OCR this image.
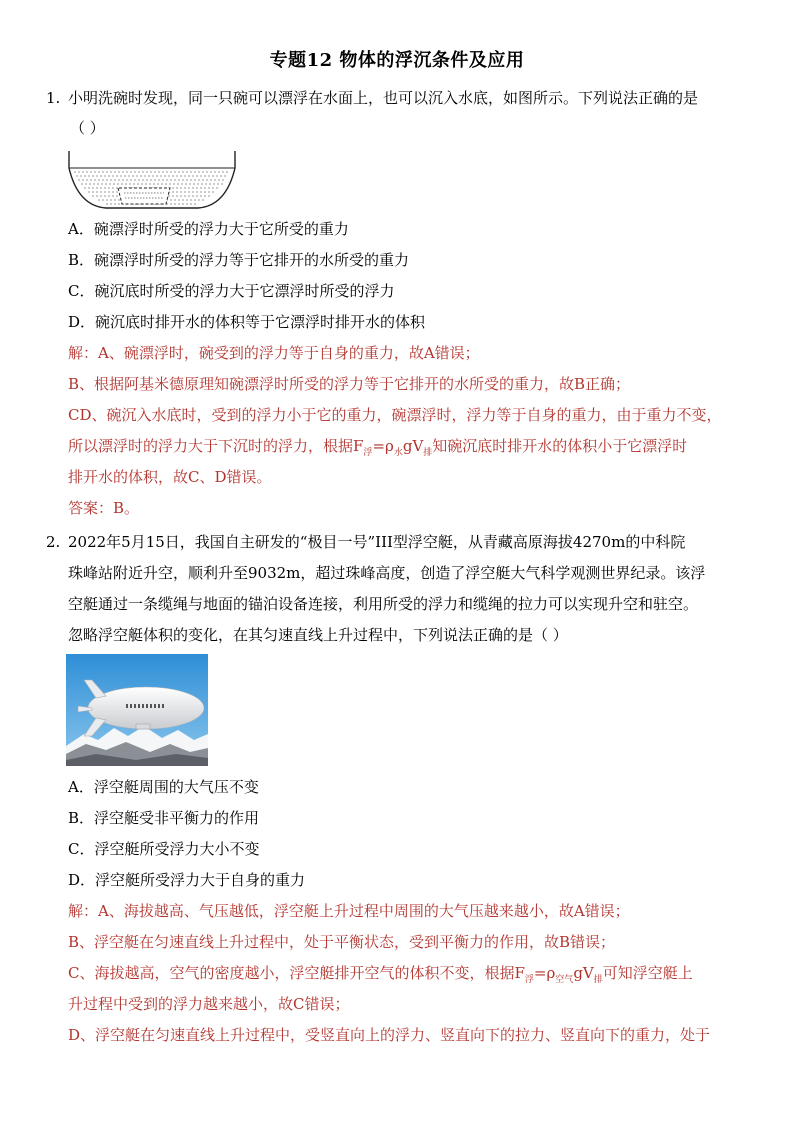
专题12 物体的浮沉条件及应用
1. 小明洗碗时发现，同一只碗可以漂浮在水面上，也可以沉入水底，如图所示。下列说法正确的是
（ ）
A．碗漂浮时所受的浮力大于它所受的重力
B．碗漂浮时所受的浮力等于它排开的水所受的重力
C．碗沉底时所受的浮力大于它漂浮时所受的浮力
D．碗沉底时排开水的体积等于它漂浮时排开水的体积
解：A、碗漂浮时，碗受到的浮力等于自身的重力，故A错误；
B、根据阿基米德原理知碗漂浮时所受的浮力等于它排开的水所受的重力，故B正确；
CD、碗沉入水底时，受到的浮力小于它的重力，碗漂浮时，浮力等于自身的重力，由于重力不变，
所以漂浮时的浮力大于下沉时的浮力，根据$F_浮=\rho_水gV_排$知碗沉底时排开水的体积小于它漂浮时
排开水的体积，故C、D错误。
答案：B。
2. 2022年5月15日，我国自主研发的“极目一号”III型浮空艇，从青藏高原海拔4270m的中科院
珠峰站附近升空，顺利升至9032m，超过珠峰高度，创造了浮空艇大气科学观测世界纪录。该浮
空艇通过一条缆绳与地面的锚泊设备连接，利用所受的浮力和缆绳的拉力可以实现升空和驻空。
忽略浮空艇体积的变化，在其匀速直线上升过程中，下列说法正确的是（ ）
A．浮空艇周围的大气压不变
B．浮空艇受非平衡力的作用
C．浮空艇所受浮力大小不变
D．浮空艇所受浮力大于自身的重力
解：A、海拔越高、气压越低，浮空艇上升过程中周围的大气压越来越小，故A错误；
B、浮空艇在匀速直线上升过程中，处于平衡状态，受到平衡力的作用，故B错误；
C、海拔越高，空气的密度越小，浮空艇排开空气的体积不变，根据$F_浮=\rho_{空气}gV_排$可知浮空艇上
升过程中受到的浮力越来越小，故C错误；
D、浮空艇在匀速直线上升过程中，受竖直向上的浮力、竖直向下的拉力、竖直向下的重力，处于
